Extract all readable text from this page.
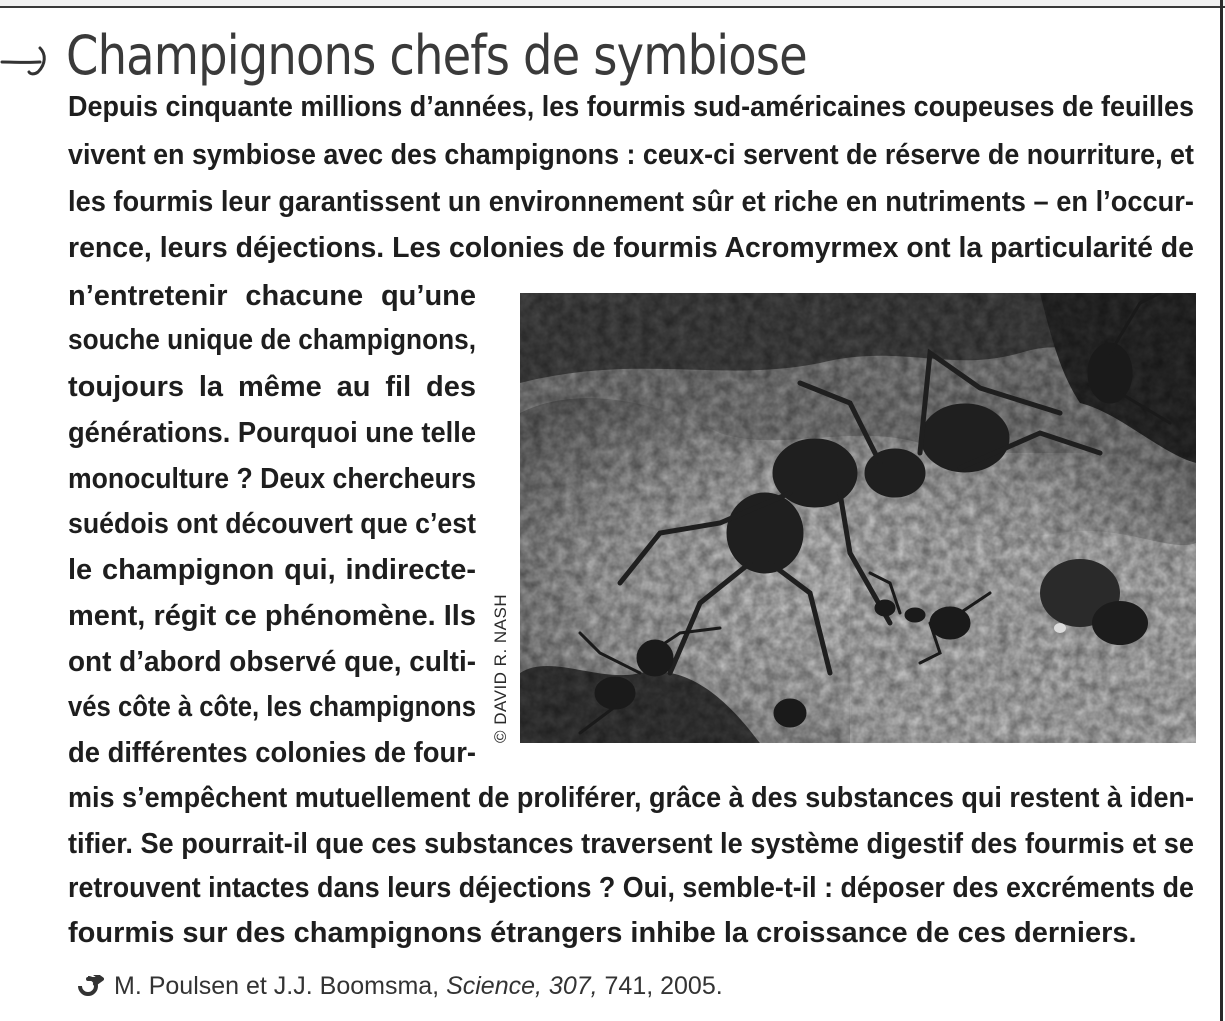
Champignons chefs de symbiose

Depuis cinquante millions d’années, les fourmis sud-américaines coupeuses de feuilles

vivent en symbiose avec des champignons : ceux-ci servent de réserve de nourriture, et

les fourmis leur garantissent un environnement sûr et riche en nutriments – en l’occur-

rence, leurs déjections. Les colonies de fourmis Acromyrmex ont la particularité de

n’entretenir chacune qu’une

souche unique de champignons,

toujours la même au fil des

générations. Pourquoi une telle

monoculture ? Deux chercheurs

suédois ont découvert que c’est

le champignon qui, indirecte-

ment, régit ce phénomène. Ils

ont d’abord observé que, culti-

vés côte à côte, les champignons

de différentes colonies de four-

mis s’empêchent mutuellement de proliférer, grâce à des substances qui restent à iden-

tifier. Se pourrait-il que ces substances traversent le système digestif des fourmis et se

retrouvent intactes dans leurs déjections ? Oui, semble-t-il : déposer des excréments de

fourmis sur des champignons étrangers inhibe la croissance de ces derniers.

© DAVID R. NASH
M. Poulsen et J.J. Boomsma, Science, 307, 741, 2005.
